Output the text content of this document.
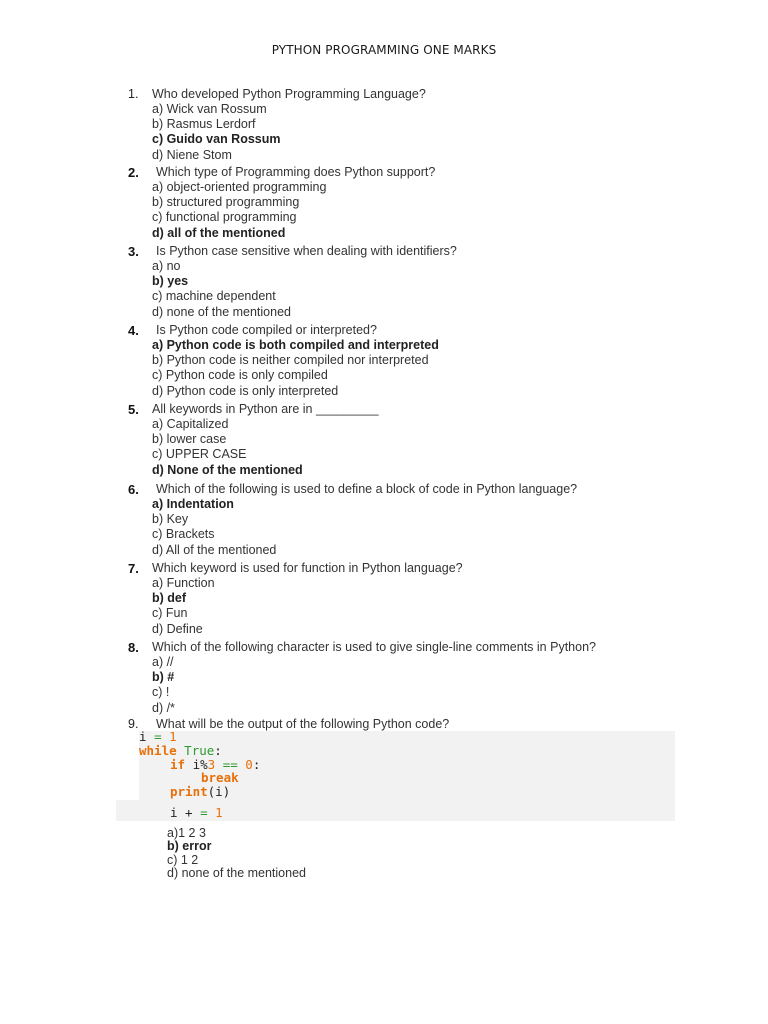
PYTHON PROGRAMMING ONE MARKS
1. Who developed Python Programming Language?
a) Wick van Rossum
b) Rasmus Lerdorf
c) Guido van Rossum
d) Niene Stom
2. Which type of Programming does Python support?
a) object-oriented programming
b) structured programming
c) functional programming
d) all of the mentioned
3. Is Python case sensitive when dealing with identifiers?
a) no
b) yes
c) machine dependent
d) none of the mentioned
4. Is Python code compiled or interpreted?
a) Python code is both compiled and interpreted
b) Python code is neither compiled nor interpreted
c) Python code is only compiled
d) Python code is only interpreted
5. All keywords in Python are in _________
a) Capitalized
b) lower case
c) UPPER CASE
d) None of the mentioned
6. Which of the following is used to define a block of code in Python language?
a) Indentation
b) Key
c) Brackets
d) All of the mentioned
7. Which keyword is used for function in Python language?
a) Function
b) def
c) Fun
d) Define
8. Which of the following character is used to give single-line comments in Python?
a) //
b) #
c) !
d) /*
9. What will be the output of the following Python code?
i = 1
while True:
if i%3 == 0:
break
print(i)
i + = 1
a)1 2 3
b) error
c) 1 2
d) none of the mentioned
